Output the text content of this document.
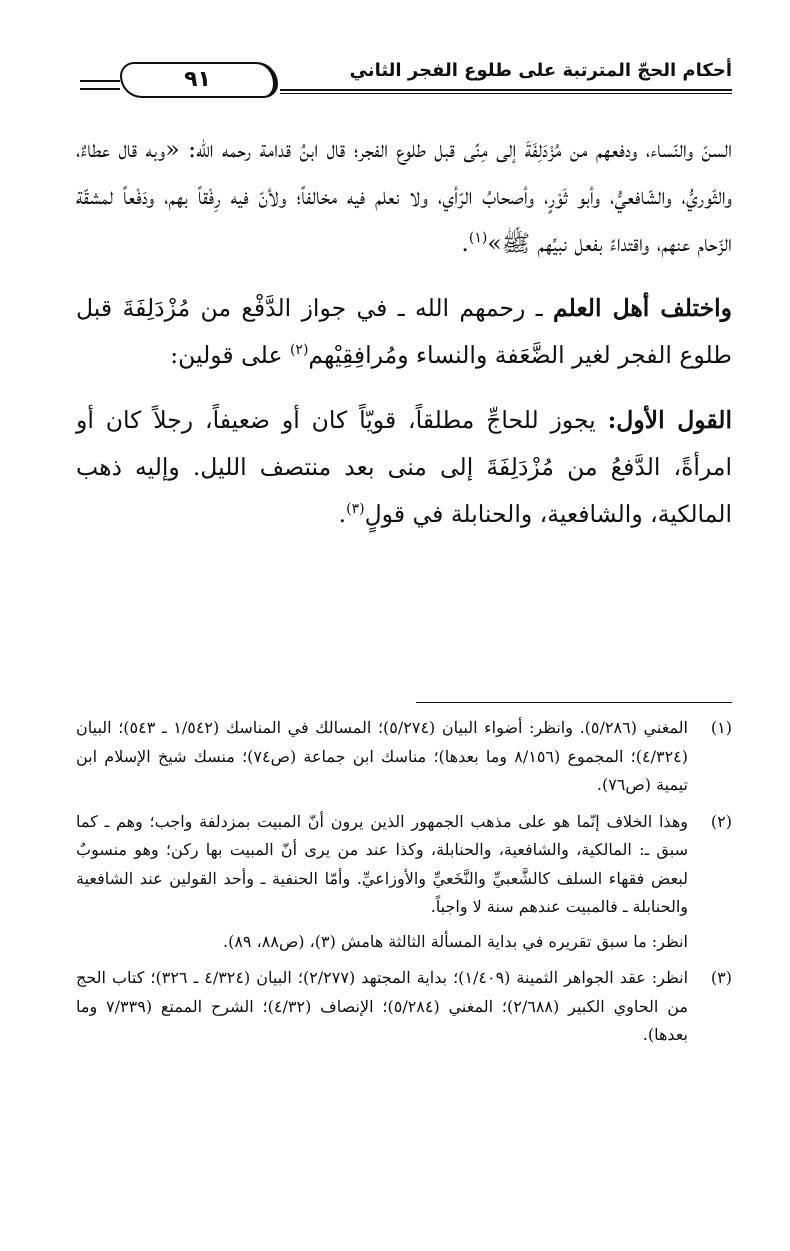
٩١	أحكام الحجّ المترتبة على طلوع الفجر الثاني

السنّ والنّساء، ودفعهم من مُزْدَلِفَةَ إلى مِنًى قبل طلوع الفجر؛ قال ابنُ قدامة رحمه الله: «وبه قال عطاءٌ، والثّوريُّ، والشّافعيُّ، وأبو ثَوْرٍ، وأصحابُ الرّأي، ولا نعلم فيه مخالفاً؛ ولأنّ فيه رِفْقاً بهم، ودَفْعاً لمشقّة الزّحام عنهم، واقتداءً بفعل نبيِّهم ﷺ»$^{(١)}$.

واختلف أهل العلم ـ رحمهم الله ـ في جواز الدَّفْع من مُزْدَلِفَةَ قبل طلوع الفجر لغير الضَّعَفة والنساء ومُرافِقِيْهم$^{(٢)}$ على قولين:

القول الأول: يجوز للحاجِّ مطلقاً، قويّاً كان أو ضعيفاً، رجلاً كان أو امرأةً، الدَّفعُ من مُزْدَلِفَةَ إلى منى بعد منتصف الليل. وإليه ذهب المالكية، والشافعية، والحنابلة في قولٍ$^{(٣)}$.

(١)

المغني (٥/٢٨٦). وانظر: أضواء البيان (٥/٢٧٤)؛ المسالك في المناسك (١/٥٤٢ ـ ٥٤٣)؛ البيان (٤/٣٢٤)؛ المجموع (٨/١٥٦ وما بعدها)؛ مناسك ابن جماعة (ص٧٤)؛ منسك شيخ الإسلام ابن تيمية (ص٧٦).

(٢)

وهذا الخلاف إنّما هو على مذهب الجمهور الذين يرون أنّ المبيت بمزدلفة واجب؛ وهم ـ كما سبق ـ: المالكية، والشافعية، والحنابلة، وكذا عند من يرى أنّ المبيت بها ركن؛ وهو منسوبٌ لبعض فقهاء السلف كالشَّعبيِّ والنَّخَعيِّ والأوزاعيِّ. وأمّا الحنفية ـ وأحد القولين عند الشافعية والحنابلة ـ فالمبيت عندهم سنة لا واجباً.

انظر: ما سبق تقريره في بداية المسألة الثالثة هامش (٣)، (ص٨٨، ٨٩).

(٣)

انظر: عقد الجواهر الثمينة (١/٤٠٩)؛ بداية المجتهد (٢/٢٧٧)؛ البيان (٤/٣٢٤ ـ ٣٢٦)؛ كتاب الحج من الحاوي الكبير (٢/٦٨٨)؛ المغني (٥/٢٨٤)؛ الإنصاف (٤/٣٢)؛ الشرح الممتع (٧/٣٣٩ وما بعدها).
